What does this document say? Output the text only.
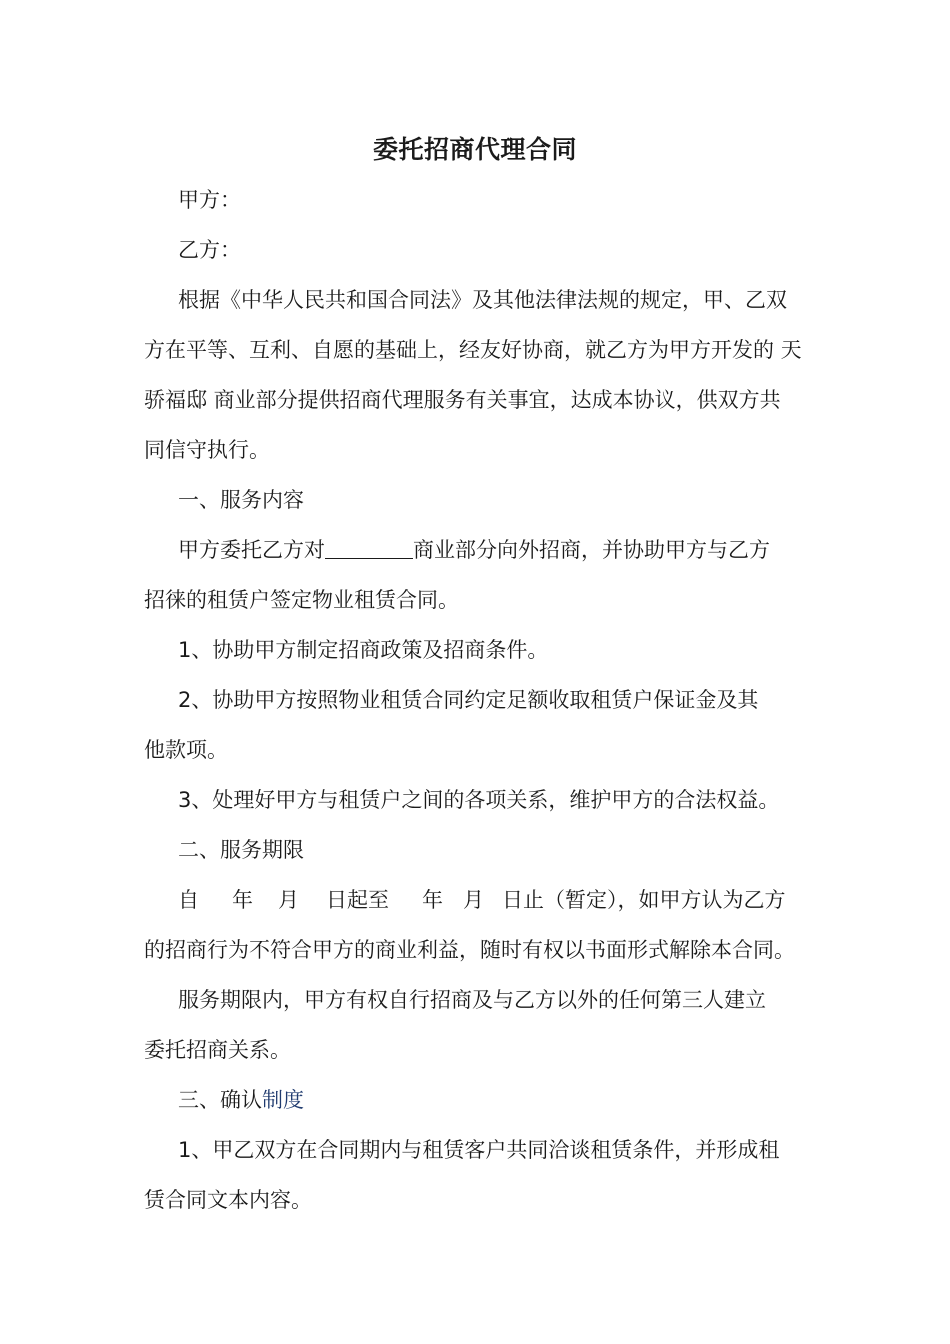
委托招商代理合同
甲方：
乙方：
根据《中华人民共和国合同法》及其他法律法规的规定，甲、乙双
方在平等、互利、自愿的基础上，经友好协商，就乙方为甲方开发的 天
骄福邸 商业部分提供招商代理服务有关事宜，达成本协议，供双方共
同信守执行。
一、服务内容
甲方委托乙方对	商业部分向外招商，并协助甲方与乙方
招徕的租赁户签定物业租赁合同。
1、协助甲方制定招商政策及招商条件。
2、协助甲方按照物业租赁合同约定足额收取租赁户保证金及其
他款项。
3、处理好甲方与租赁户之间的各项关系，维护甲方的合法权益。
二、服务期限
自 年 月 日起至 年 月 日止（暂定），如甲方认为乙方
的招商行为不符合甲方的商业利益，随时有权以书面形式解除本合同。
服务期限内，甲方有权自行招商及与乙方以外的任何第三人建立
委托招商关系。
三、确认制度
1、甲乙双方在合同期内与租赁客户共同洽谈租赁条件，并形成租
赁合同文本内容。
